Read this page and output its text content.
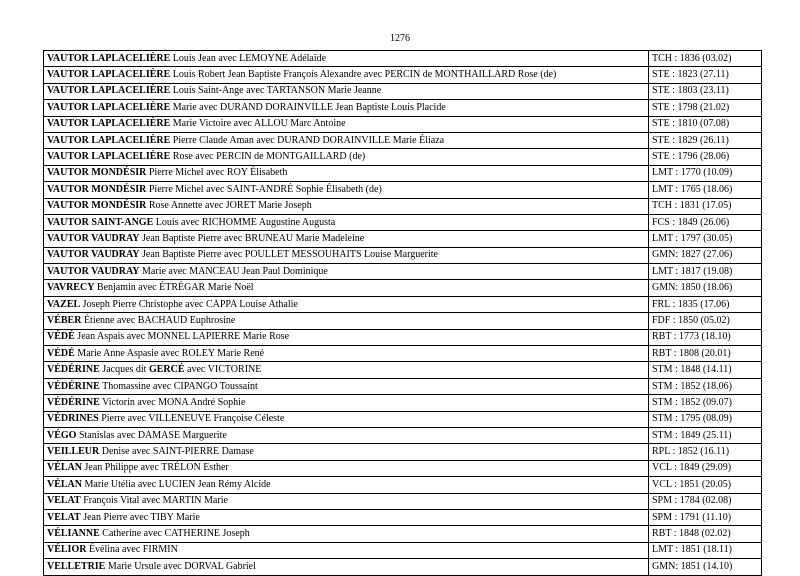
1276
VAUTOR LAPLACELIÈRE Louis Jean avec LEMOYNE Adélaïde	TCH : 1836 (03.02)
VAUTOR LAPLACELIÈRE Louis Robert Jean Baptiste François Alexandre avec PERCIN de MONTHAILLARD Rose (de)	STE : 1823 (27.11)
VAUTOR LAPLACELIÈRE Louis Saint-Ange avec TARTANSON Marie Jeanne	STE : 1803 (23.11)
VAUTOR LAPLACELIÈRE Marie avec DURAND DORAINVILLE Jean Baptiste Louis Placide	STE : 1798 (21.02)
VAUTOR LAPLACELIÈRE Marie Victoire avec ALLOU Marc Antoine	STE : 1810 (07.08)
VAUTOR LAPLACELIÈRE Pierre Claude Aman avec DURAND DORAINVILLE Marie Éliaza	STE : 1829 (26.11)
VAUTOR LAPLACELIÈRE Rose avec PERCIN de MONTGAILLARD (de)	STE : 1796 (28.06)
VAUTOR MONDÉSIR Pierre Michel avec ROY Élisabeth	LMT : 1770 (10.09)
VAUTOR MONDÉSIR Pierre Michel avec SAINT-ANDRÉ Sophie Élisabeth (de)	LMT : 1765 (18.06)
VAUTOR MONDÉSIR Rose Annette avec JORET Marie Joseph	TCH : 1831 (17.05)
VAUTOR SAINT-ANGE Louis avec RICHOMME Augustine Augusta	FCS : 1849 (26.06)
VAUTOR VAUDRAY Jean Baptiste Pierre avec BRUNEAU Marie Madeleine	LMT : 1797 (30.05)
VAUTOR VAUDRAY Jean Baptiste Pierre avec POULLET MESSOUHAITS Louise Marguerite	GMN: 1827 (27.06)
VAUTOR VAUDRAY Marie avec MANCEAU Jean Paul Dominique	LMT : 1817 (19.08)
VAVRECY Benjamin avec ÉTRÉGAR Marie Noël	GMN: 1850 (18.06)
VAZEL Joseph Pierre Christophe avec CAPPA Louise Athalie	FRL : 1835 (17.06)
VÉBER Étienne avec BACHAUD Euphrosine	FDF : 1850 (05.02)
VÉDÉ Jean Aspais avec MONNEL LAPIERRE Marie Rose	RBT : 1773 (18.10)
VÉDÉ Marie Anne Aspasie avec ROLEY Marie René	RBT : 1808 (20.01)
VÉDÉRINE Jacques dit GERCÉ avec VICTORINE	STM : 1848 (14.11)
VÉDÉRINE Thomassine avec CIPANGO Toussaint	STM : 1852 (18.06)
VÉDÉRINE Victorin avec MONA André Sophie	STM : 1852 (09.07)
VÉDRINES Pierre avec VILLENEUVE Françoise Céleste	STM : 1795 (08.09)
VÉGO Stanislas avec DAMASE Marguerite	STM : 1849 (25.11)
VEILLEUR Denise avec SAINT-PIERRE Damase	RPL : 1852 (16.11)
VÉLAN Jean Philippe avec TRÉLON Esther	VCL : 1849 (29.09)
VÉLAN Marie Utélia avec LUCIEN Jean Rémy Alcide	VCL : 1851 (20.05)
VELAT François Vital avec MARTIN Marie	SPM : 1784 (02.08)
VELAT Jean Pierre avec TIBY Marie	SPM : 1791 (11.10)
VÉLIANNE Catherine avec CATHERINE Joseph	RBT : 1848 (02.02)
VÉLIOR Évélina avec FIRMIN	LMT : 1851 (18.11)
VELLETRIE Marie Ursule avec DORVAL Gabriel	GMN: 1851 (14.10)
